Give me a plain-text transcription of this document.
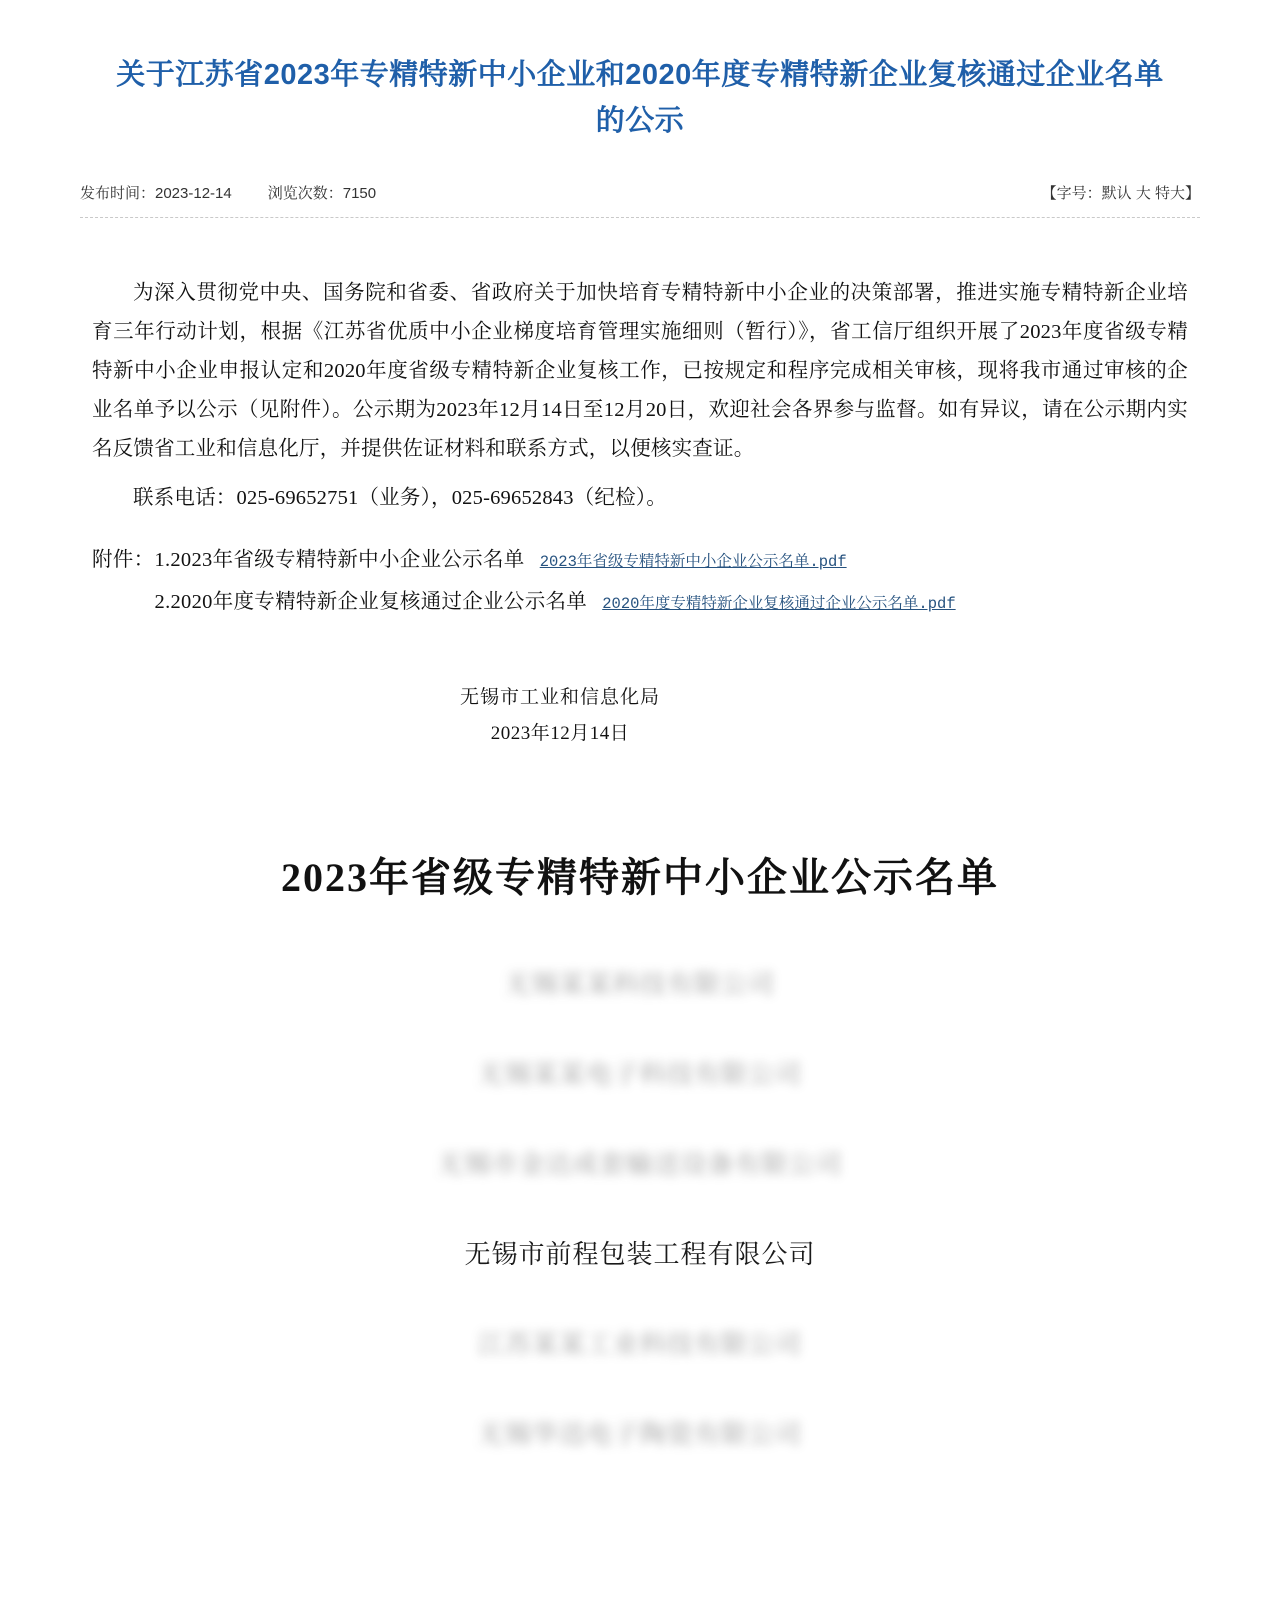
关于江苏省2023年专精特新中小企业和2020年度专精特新企业复核通过企业名单的公示
发布时间：2023-12-14 浏览次数：7150	【字号：默认 大 特大】

为深入贯彻党中央、国务院和省委、省政府关于加快培育专精特新中小企业的决策部署，推进实施专精特新企业培育三年行动计划，根据《江苏省优质中小企业梯度培育管理实施细则（暂行）》，省工信厅组织开展了2023年度省级专精特新中小企业申报认定和2020年度省级专精特新企业复核工作，已按规定和程序完成相关审核，现将我市通过审核的企业名单予以公示（见附件）。公示期为2023年12月14日至12月20日，欢迎社会各界参与监督。如有异议，请在公示期内实名反馈省工业和信息化厅，并提供佐证材料和联系方式，以便核实查证。

联系电话：025-69652751（业务），025-69652843（纪检）。

附件：1.2023年省级专精特新中小企业公示名单 2023年省级专精特新中小企业公示名单.pdf
2.2020年度专精特新企业复核通过企业公示名单 2020年度专精特新企业复核通过企业公示名单.pdf
无锡市工业和信息化局
2023年12月14日
2023年省级专精特新中小企业公示名单
无锡某某科技有限公司
无锡某某电子科技有限公司
无锡市金达成套输送设备有限公司
无锡市前程包装工程有限公司
江苏某某工业科技有限公司
无锡华迅电子陶瓷有限公司
